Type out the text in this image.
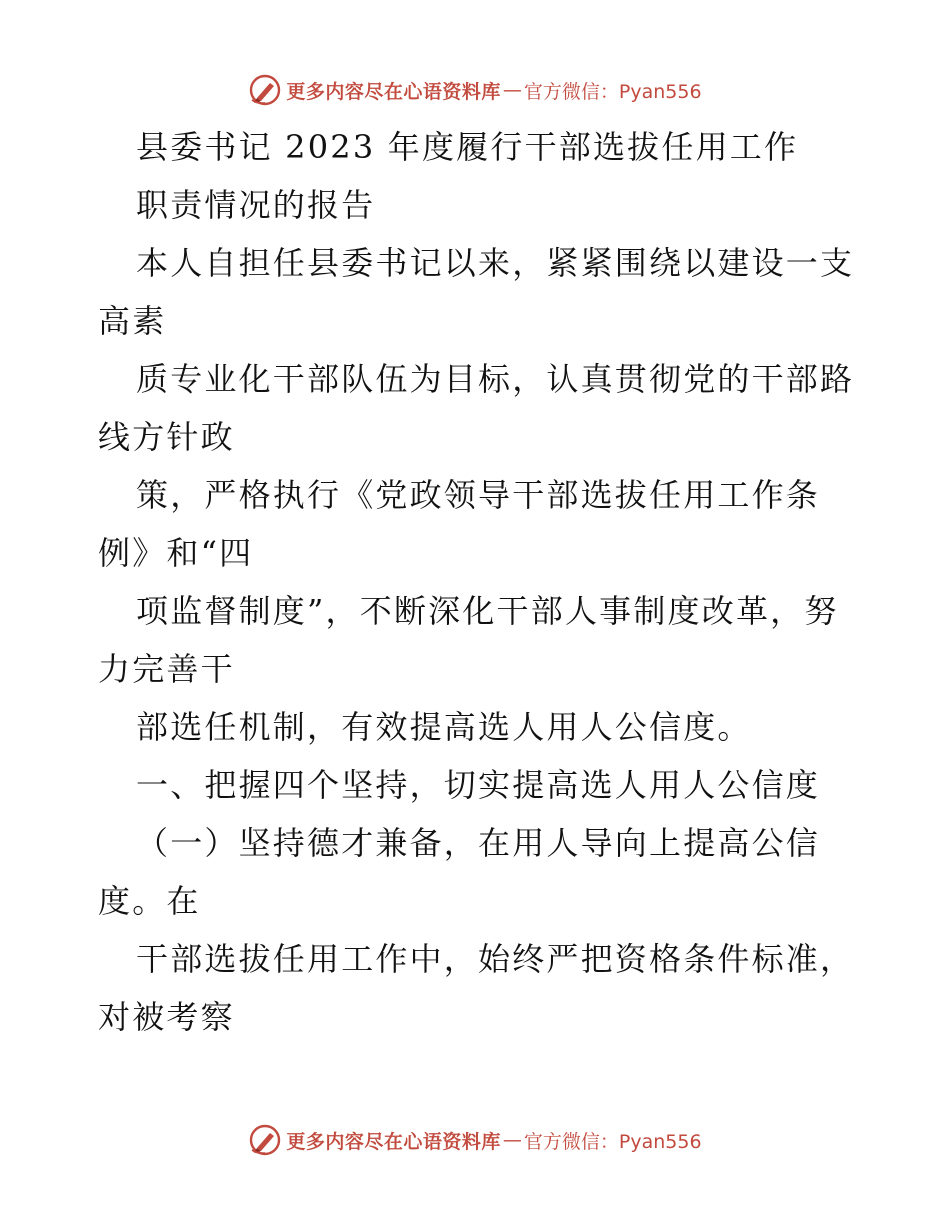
更多内容尽在心语资料库 — 官方微信：Pyan556
县委书记 2023 年度履行干部选拔任用工作
职责情况的报告
本人自担任县委书记以来，紧紧围绕以建设一支
高素
质专业化干部队伍为目标，认真贯彻党的干部路
线方针政
策，严格执行《党政领导干部选拔任用工作条
例》和“四
项监督制度”，不断深化干部人事制度改革，努
力完善干
部选任机制，有效提高选人用人公信度。
一、把握四个坚持，切实提高选人用人公信度
（一）坚持德才兼备，在用人导向上提高公信
度。在
干部选拔任用工作中，始终严把资格条件标准，
对被考察
更多内容尽在心语资料库 — 官方微信：Pyan556
